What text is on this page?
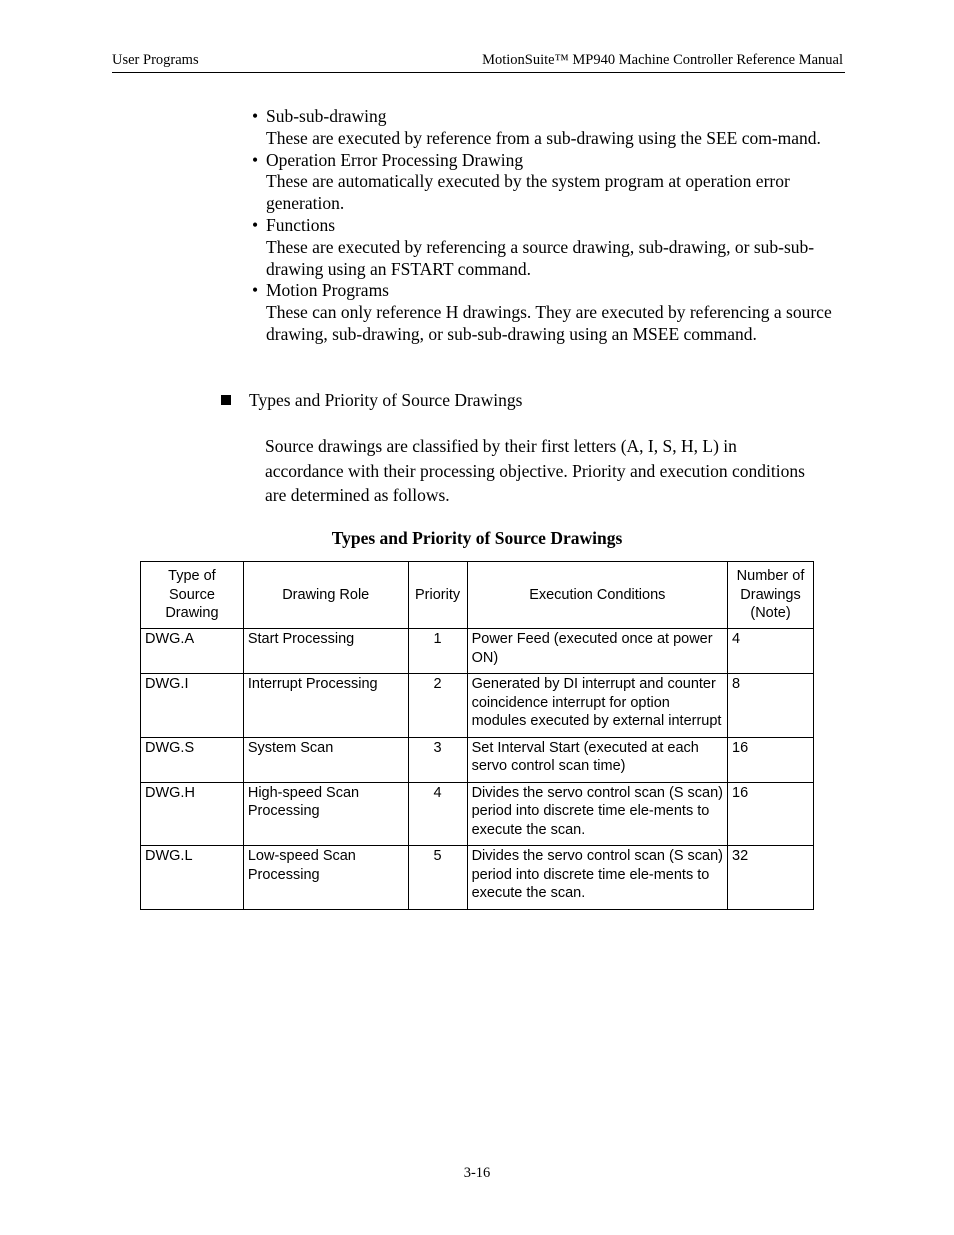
User Programs	MotionSuite™ MP940 Machine Controller Reference Manual
• Sub-sub-drawing
These are executed by reference from a sub-drawing using the SEE com-mand.
• Operation Error Processing Drawing
These are automatically executed by the system program at operation error generation.
• Functions
These are executed by referencing a source drawing, sub-drawing, or sub-sub-drawing using an FSTART command.
• Motion Programs
These can only reference H drawings. They are executed by referencing a source drawing, sub-drawing, or sub-sub-drawing using an MSEE command.
Types and Priority of Source Drawings
Source drawings are classified by their first letters (A, I, S, H, L) in accordance with their processing objective. Priority and execution conditions are determined as follows.
Types and Priority of Source Drawings
Type of Source Drawing	Drawing Role	Priority	Execution Conditions	Number of Drawings (Note)
DWG.A	Start Processing	1	Power Feed (executed once at power ON)	4
DWG.I	Interrupt Processing	2	Generated by DI interrupt and counter coincidence interrupt for option modules executed by external interrupt	8
DWG.S	System Scan	3	Set Interval Start (executed at each servo control scan time)	16
DWG.H	High-speed Scan Processing	4	Divides the servo control scan (S scan) period into discrete time ele-ments to execute the scan.	16
DWG.L	Low-speed Scan Processing	5	Divides the servo control scan (S scan) period into discrete time ele-ments to execute the scan.	32
3-16
